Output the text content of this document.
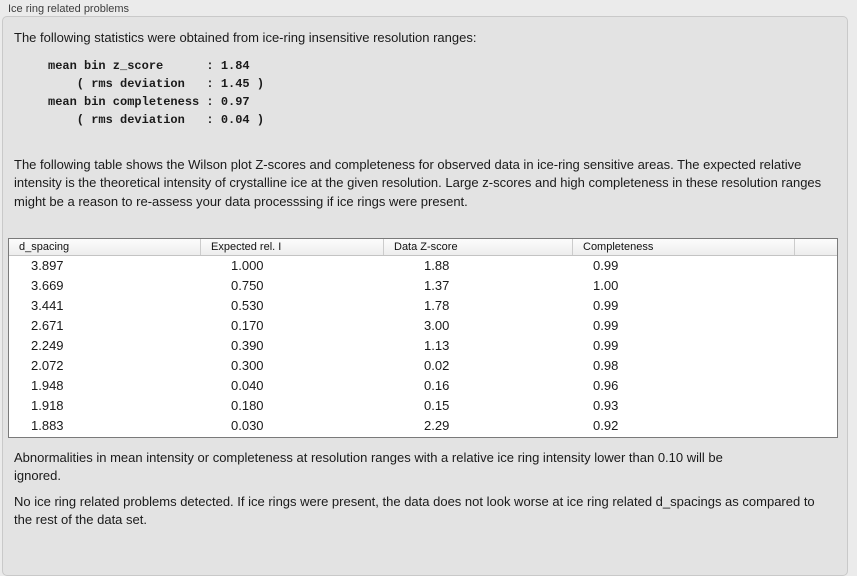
Ice ring related problems
The following statistics were obtained from ice-ring insensitive resolution ranges:
mean bin z_score      : 1.84
( rms deviation   : 1.45 )
mean bin completeness : 0.97
( rms deviation   : 0.04 )
The following table shows the Wilson plot Z-scores and completeness for observed data in ice-ring sensitive areas. The expected relative intensity is the theoretical intensity of crystalline ice at the given resolution. Large z-scores and high completeness in these resolution ranges might be a reason to re-assess your data processsing if ice rings were present.
d_spacing	Expected rel. I	Data Z-score	Completeness
3.897	1.000	1.88	0.99
3.669	0.750	1.37	1.00
3.441	0.530	1.78	0.99
2.671	0.170	3.00	0.99
2.249	0.390	1.13	0.99
2.072	0.300	0.02	0.98
1.948	0.040	0.16	0.96
1.918	0.180	0.15	0.93
1.883	0.030	2.29	0.92
Abnormalities in mean intensity or completeness at resolution ranges with a relative ice ring intensity lower than 0.10 will be ignored.
No ice ring related problems detected. If ice rings were present, the data does not look worse at ice ring related d_spacings as compared to the rest of the data set.
